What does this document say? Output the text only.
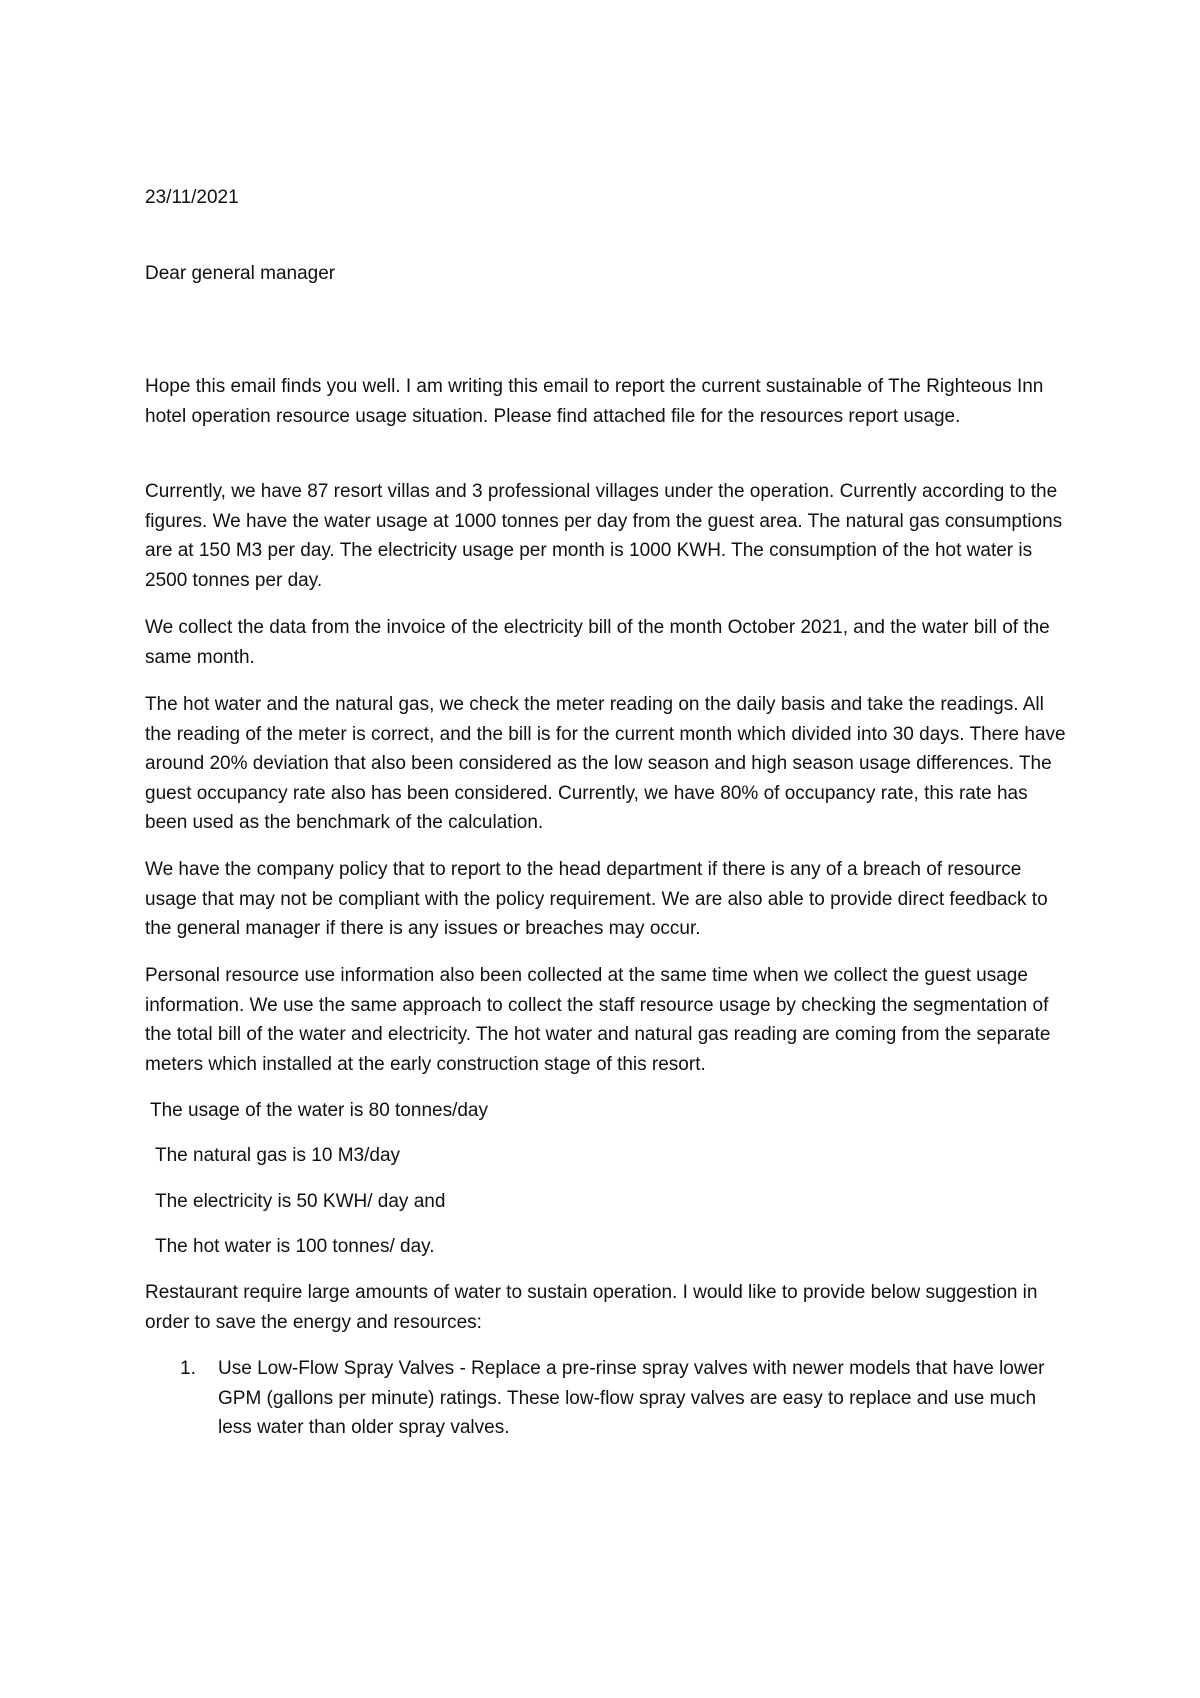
23/11/2021

Dear general manager

Hope this email finds you well. I am writing this email to report the current sustainable of The Righteous Inn hotel operation resource usage situation. Please find attached file for the resources report usage.

Currently, we have 87 resort villas and 3 professional villages under the operation. Currently according to the figures. We have the water usage at 1000 tonnes per day from the guest area. The natural gas consumptions are at 150 M3 per day. The electricity usage per month is 1000 KWH. The consumption of the hot water is 2500 tonnes per day.

We collect the data from the invoice of the electricity bill of the month October 2021, and the water bill of the same month.

The hot water and the natural gas, we check the meter reading on the daily basis and take the readings. All the reading of the meter is correct, and the bill is for the current month which divided into 30 days. There have around 20% deviation that also been considered as the low season and high season usage differences. The guest occupancy rate also has been considered. Currently, we have 80% of occupancy rate, this rate has been used as the benchmark of the calculation.

We have the company policy that to report to the head department if there is any of a breach of resource usage that may not be compliant with the policy requirement. We are also able to provide direct feedback to the general manager if there is any issues or breaches may occur.

Personal resource use information also been collected at the same time when we collect the guest usage information. We use the same approach to collect the staff resource usage by checking the segmentation of the total bill of the water and electricity. The hot water and natural gas reading are coming from the separate meters which installed at the early construction stage of this resort.

The usage of the water is 80 tonnes/day

The natural gas is 10 M3/day

The electricity is 50 KWH/ day and

The hot water is 100 tonnes/ day.

Restaurant require large amounts of water to sustain operation. I would like to provide below suggestion in order to save the energy and resources:

1.	Use Low-Flow Spray Valves - Replace a pre-rinse spray valves with newer models that have lower GPM (gallons per minute) ratings. These low-flow spray valves are easy to replace and use much less water than older spray valves.
